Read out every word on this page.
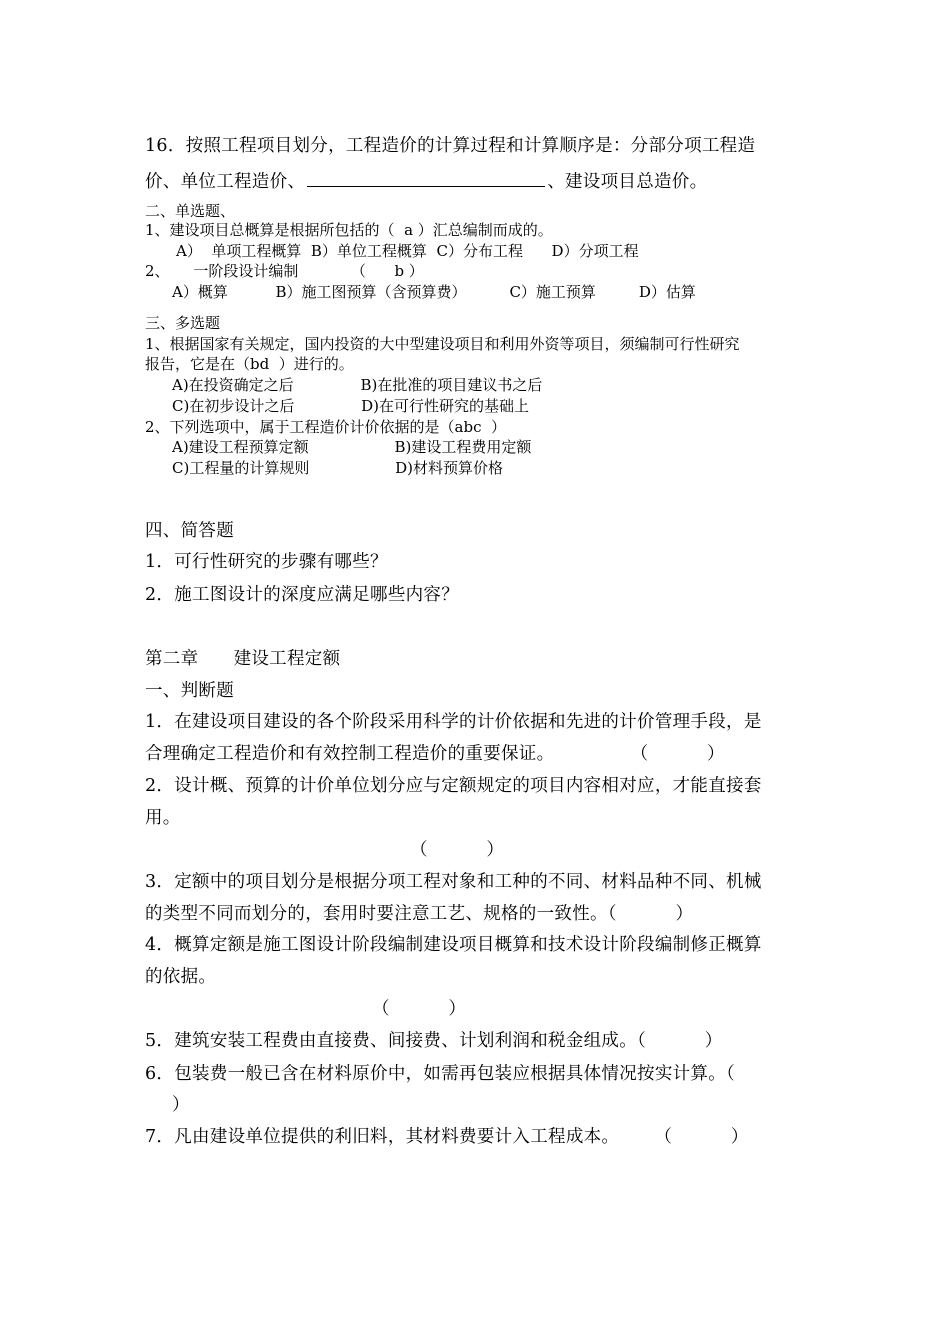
16．按照工程项目划分，工程造价的计算过程和计算顺序是：分部分项工程造
价、单位工程造价、	、建设项目总造价。
二、单选题、
1、建设项目总概算是根据所包括的（  a ）汇总编制而成的。
A）  单项工程概算  B）单位工程概算  C）分布工程      D）分项工程
2、     一阶段设计编制           （      b ）
A）概算          B）施工图预算（含预算费）         C）施工预算         D）估算
三、多选题
1、根据国家有关规定，国内投资的大中型建设项目和利用外资等项目，须编制可行性研究
报告，它是在（bd  ）进行的。
A)在投资确定之后              B)在批准的项目建议书之后
C)在初步设计之后              D)在可行性研究的基础上
2、下列选项中，属于工程造价计价依据的是（abc  ）
A)建设工程预算定额                  B)建设工程费用定额
C)工程量的计算规则                  D)材料预算价格
四、简答题
1．可行性研究的步骤有哪些？
2．施工图设计的深度应满足哪些内容？
第二章      建设工程定额
一、判断题
1．在建设项目建设的各个阶段采用科学的计价依据和先进的计价管理手段，是
合理确定工程造价和有效控制工程造价的重要保证。             （          ）
2．设计概、预算的计价单位划分应与定额规定的项目内容相对应，才能直接套
用。
（          ）
3．定额中的项目划分是根据分项工程对象和工种的不同、材料品种不同、机械
的类型不同而划分的，套用时要注意工艺、规格的一致性。（          ）
4．概算定额是施工图设计阶段编制建设项目概算和技术设计阶段编制修正概算
的依据。
（          ）
5．建筑安装工程费由直接费、间接费、计划利润和税金组成。（          ）
6．包装费一般已含在材料原价中，如需再包装应根据具体情况按实计算。（
）
7．凡由建设单位提供的利旧料，其材料费要计入工程成本。      （          ）
